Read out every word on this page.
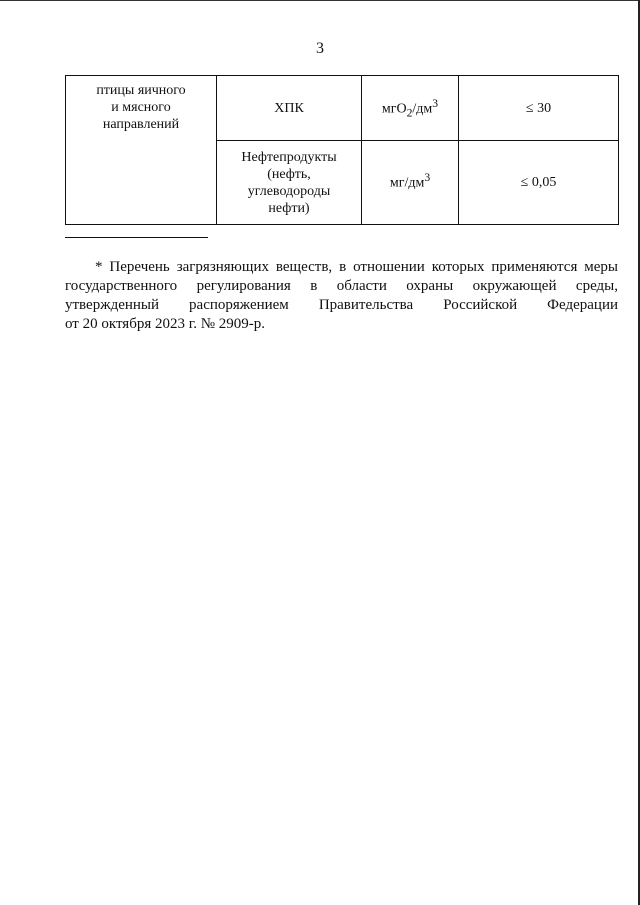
3
птицы яичного
и мясного
направлений	ХПК	$мгO_2/дм^3$	≤ 30

	Нефтепродукты
(нефть,
углеводороды
нефти)	$мг/дм^3$	≤ 0,05

* Перечень загрязняющих веществ, в отношении которых применяются меры

государственного регулирования в области охраны окружающей среды,

утвержденный распоряжением Правительства Российской Федерации

от 20 октября 2023 г. № 2909-р.
